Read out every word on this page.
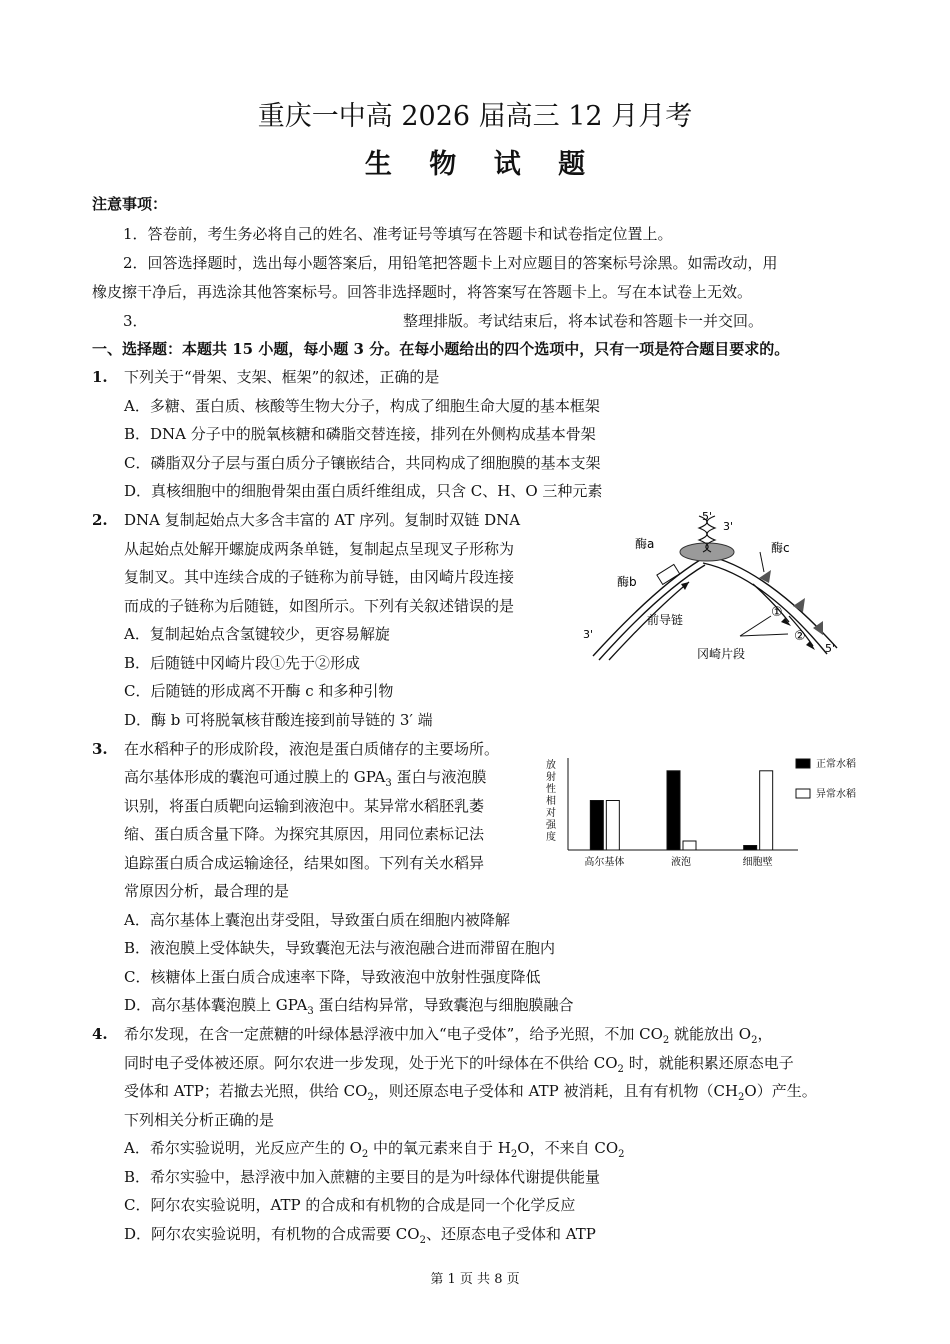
重庆一中高 2026 届高三 12 月月考
生 物 试 题
注意事项：
1．答卷前，考生务必将自己的姓名、准考证号等填写在答题卡和试卷指定位置上。
2．回答选择题时，选出每小题答案后，用铅笔把答题卡上对应题目的答案标号涂黑。如需改动，用
橡皮擦干净后，再选涂其他答案标号。回答非选择题时，将答案写在答题卡上。写在本试卷上无效。
3．	整理排版。考试结束后，将本试卷和答题卡一并交回。
一、选择题：本题共 15 小题，每小题 3 分。在每小题给出的四个选项中，只有一项是符合题目要求的。
1. 下列关于“骨架、支架、框架”的叙述，正确的是
A．多糖、蛋白质、核酸等生物大分子，构成了细胞生命大厦的基本框架
B．DNA 分子中的脱氧核糖和磷脂交替连接，排列在外侧构成基本骨架
C．磷脂双分子层与蛋白质分子镶嵌结合，共同构成了细胞膜的基本支架
D．真核细胞中的细胞骨架由蛋白质纤维组成，只含 C、H、O 三种元素
2. DNA 复制起始点大多含丰富的 AT 序列。复制时双链 DNA
从起始点处解开螺旋成两条单链，复制起点呈现叉子形称为
复制叉。其中连续合成的子链称为前导链，由冈崎片段连接
而成的子链称为后随链，如图所示。下列有关叙述错误的是
A．复制起始点含氢键较少，更容易解旋
B．后随链中冈崎片段①先于②形成
C．后随链的形成离不开酶 c 和多种引物
D．酶 b 可将脱氧核苷酸连接到前导链的 3′ 端
5'
3'
酶a	酶c
酶b
3'
5'
前导链
冈崎片段
①
②
3. 在水稻种子的形成阶段，液泡是蛋白质储存的主要场所。
高尔基体形成的囊泡可通过膜上的 $GPA_3$ 蛋白与液泡膜
识别，将蛋白质靶向运输到液泡中。某异常水稻胚乳萎
缩、蛋白质含量下降。为探究其原因，用同位素标记法
追踪蛋白质合成运输途径，结果如图。下列有关水稻异
常原因分析，最合理的是
A．高尔基体上囊泡出芽受阻，导致蛋白质在细胞内被降解
B．液泡膜上受体缺失，导致囊泡无法与液泡融合进而滞留在胞内
C．核糖体上蛋白质合成速率下降，导致液泡中放射性强度降低
D．高尔基体囊泡膜上 $GPA_3$ 蛋白结构异常，导致囊泡与细胞膜融合
放
射
性
相
对
强
度
高尔基体	液泡	细胞壁
正常水稻
异常水稻
4. 希尔发现，在含一定蔗糖的叶绿体悬浮液中加入“电子受体”，给予光照，不加 $CO_2$ 就能放出 $O_2$，
同时电子受体被还原。阿尔农进一步发现，处于光下的叶绿体在不供给 $CO_2$ 时，就能积累还原态电子
受体和 ATP；若撤去光照，供给 $CO_2$，则还原态电子受体和 ATP 被消耗，且有有机物$(CH_2O)$产生。
下列相关分析正确的是
A．希尔实验说明，光反应产生的 $O_2$ 中的氧元素来自于 $H_2O$，不来自 $CO_2$
B．希尔实验中，悬浮液中加入蔗糖的主要目的是为叶绿体代谢提供能量
C．阿尔农实验说明，ATP 的合成和有机物的合成是同一个化学反应
D．阿尔农实验说明，有机物的合成需要 $CO_2$、还原态电子受体和 ATP
第 1 页 共 8 页
